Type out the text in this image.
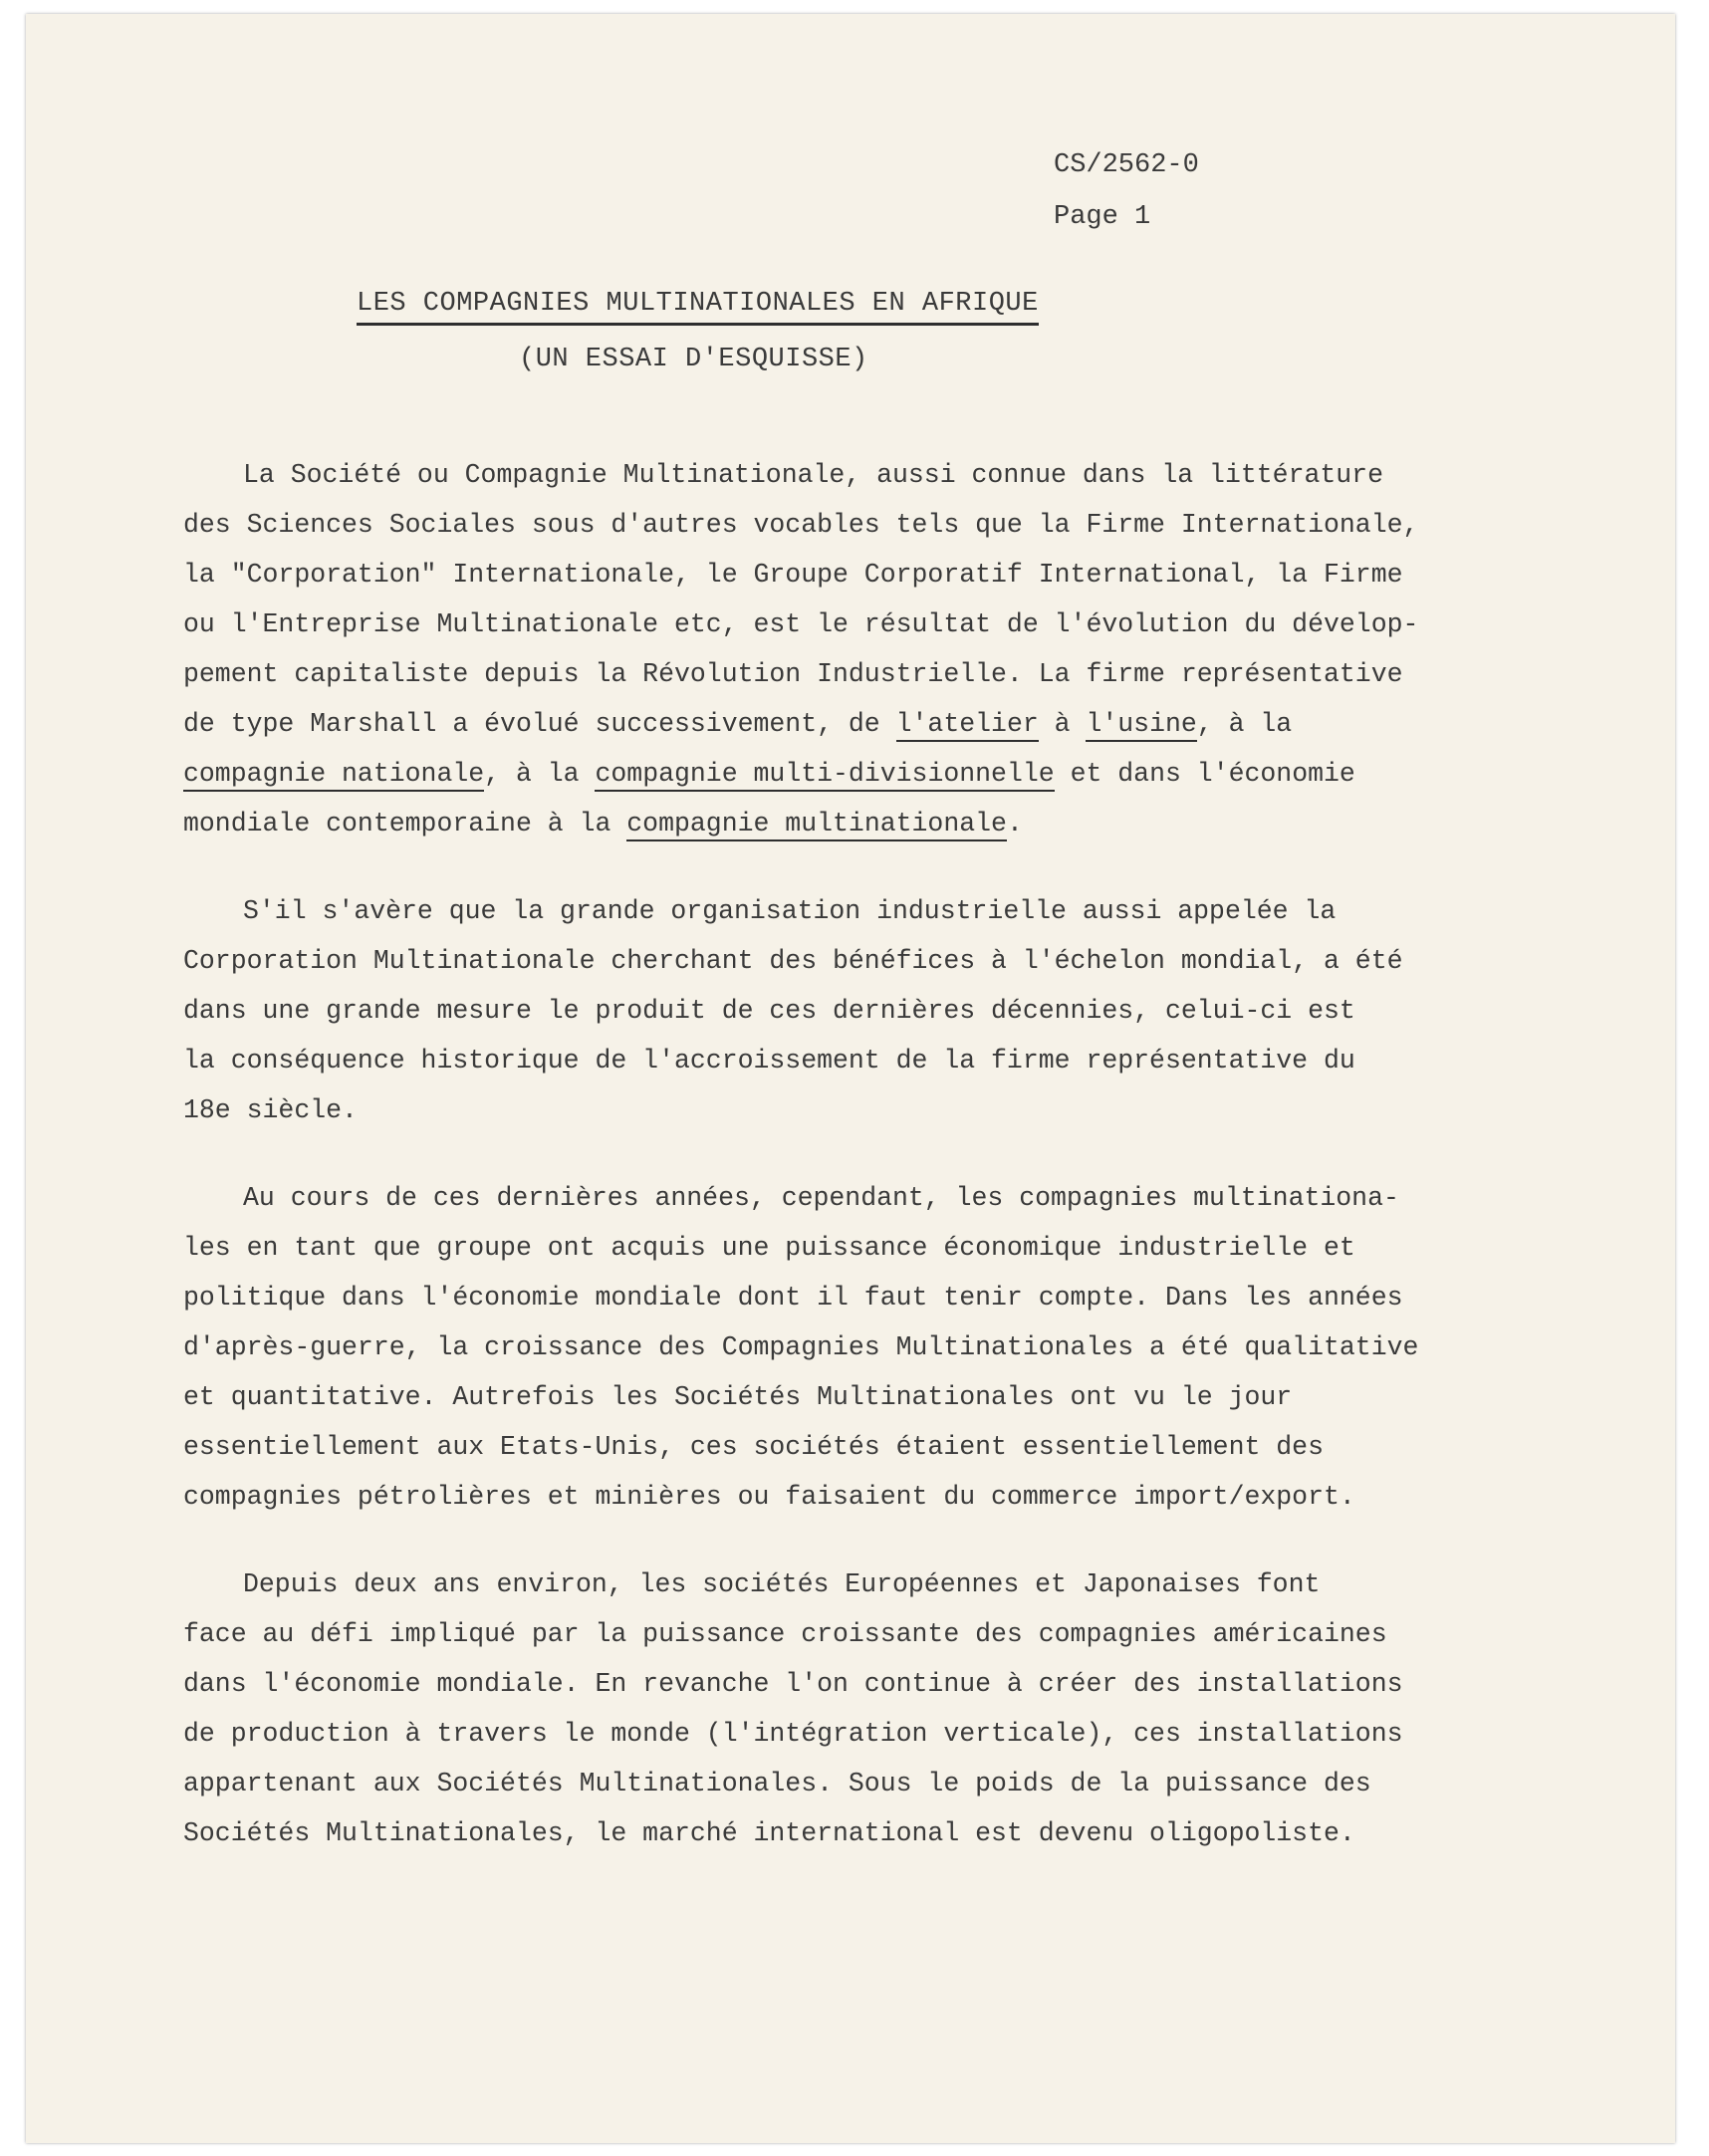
CS/2562-0
Page 1
LES COMPAGNIES MULTINATIONALES EN AFRIQUE
(UN ESSAI D'ESQUISSE)
La Société ou Compagnie Multinationale, aussi connue dans la littérature
des Sciences Sociales sous d'autres vocables tels que la Firme Internationale,
la "Corporation" Internationale, le Groupe Corporatif International, la Firme
ou l'Entreprise Multinationale etc, est le résultat de l'évolution du dévelop-
pement capitaliste depuis la Révolution Industrielle. La firme représentative
de type Marshall a évolué successivement, de l'atelier à l'usine, à la
compagnie nationale, à la compagnie multi-divisionnelle et dans l'économie
mondiale contemporaine à la compagnie multinationale.
S'il s'avère que la grande organisation industrielle aussi appelée la
Corporation Multinationale cherchant des bénéfices à l'échelon mondial, a été
dans une grande mesure le produit de ces dernières décennies, celui-ci est
la conséquence historique de l'accroissement de la firme représentative du
18e siècle.
Au cours de ces dernières années, cependant, les compagnies multinationa-
les en tant que groupe ont acquis une puissance économique industrielle et
politique dans l'économie mondiale dont il faut tenir compte. Dans les années
d'après-guerre, la croissance des Compagnies Multinationales a été qualitative
et quantitative. Autrefois les Sociétés Multinationales ont vu le jour
essentiellement aux Etats-Unis, ces sociétés étaient essentiellement des
compagnies pétrolières et minières ou faisaient du commerce import/export.
Depuis deux ans environ, les sociétés Européennes et Japonaises font
face au défi impliqué par la puissance croissante des compagnies américaines
dans l'économie mondiale. En revanche l'on continue à créer des installations
de production à travers le monde (l'intégration verticale), ces installations
appartenant aux Sociétés Multinationales. Sous le poids de la puissance des
Sociétés Multinationales, le marché international est devenu oligopoliste.
